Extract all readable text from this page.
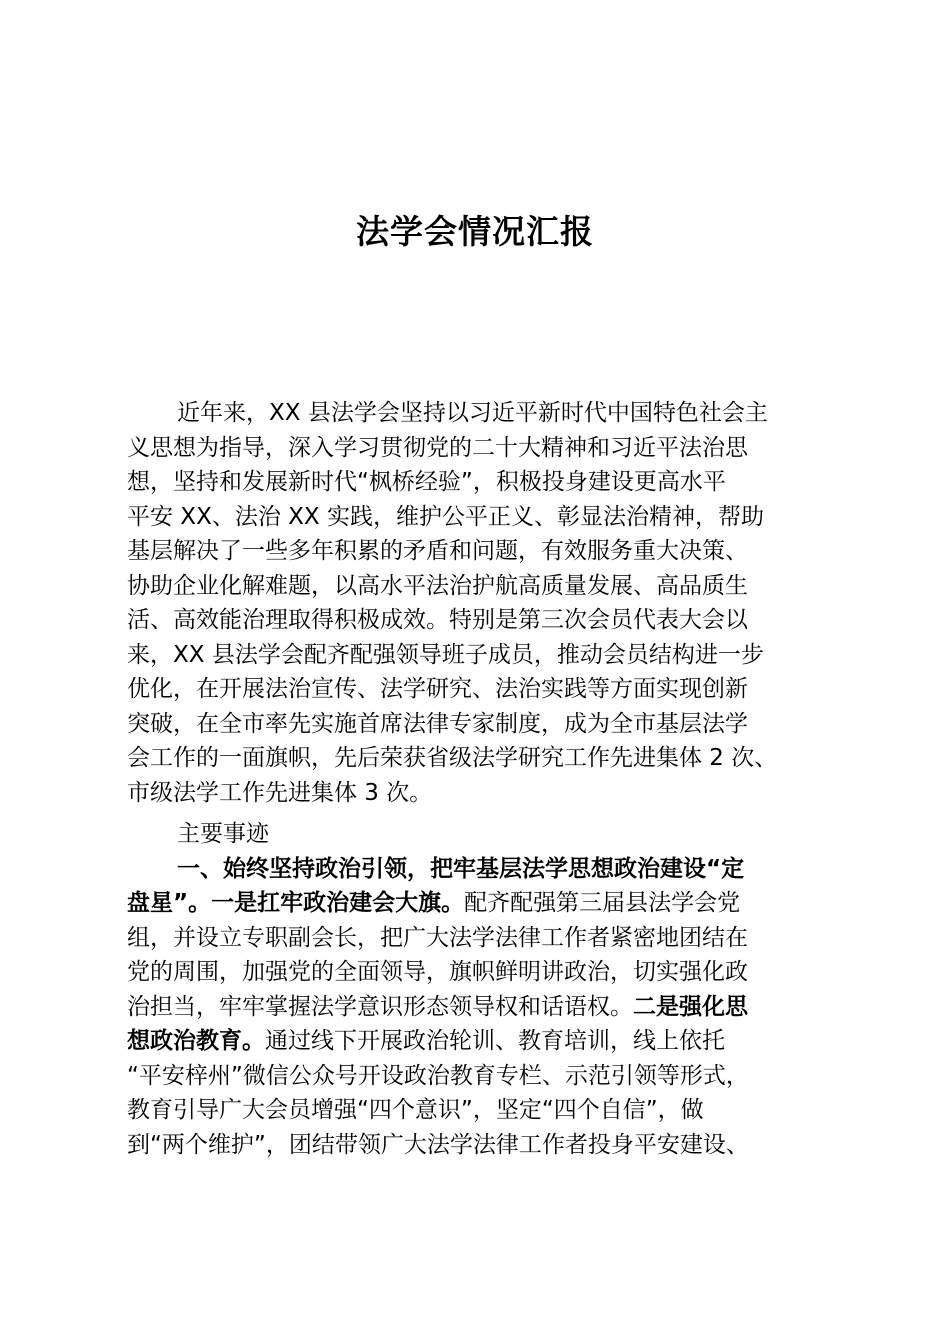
法学会情况汇报
近年来，XX 县法学会坚持以习近平新时代中国特色社会主
义思想为指导，深入学习贯彻党的二十大精神和习近平法治思
想，坚持和发展新时代“枫桥经验”，积极投身建设更高水平
平安 XX、法治 XX 实践，维护公平正义、彰显法治精神，帮助
基层解决了一些多年积累的矛盾和问题，有效服务重大决策、
协助企业化解难题，以高水平法治护航高质量发展、高品质生
活、高效能治理取得积极成效。特别是第三次会员代表大会以
来，XX 县法学会配齐配强领导班子成员，推动会员结构进一步
优化，在开展法治宣传、法学研究、法治实践等方面实现创新
突破，在全市率先实施首席法律专家制度，成为全市基层法学
会工作的一面旗帜，先后荣获省级法学研究工作先进集体 2 次、
市级法学工作先进集体 3 次。
主要事迹
一、始终坚持政治引领，把牢基层法学思想政治建设“定
盘星”。一是扛牢政治建会大旗。配齐配强第三届县法学会党
组，并设立专职副会长，把广大法学法律工作者紧密地团结在
党的周围，加强党的全面领导，旗帜鲜明讲政治，切实强化政
治担当，牢牢掌握法学意识形态领导权和话语权。二是强化思
想政治教育。通过线下开展政治轮训、教育培训，线上依托
“平安梓州”微信公众号开设政治教育专栏、示范引领等形式，
教育引导广大会员增强“四个意识”，坚定“四个自信”，做
到“两个维护”，团结带领广大法学法律工作者投身平安建设、
